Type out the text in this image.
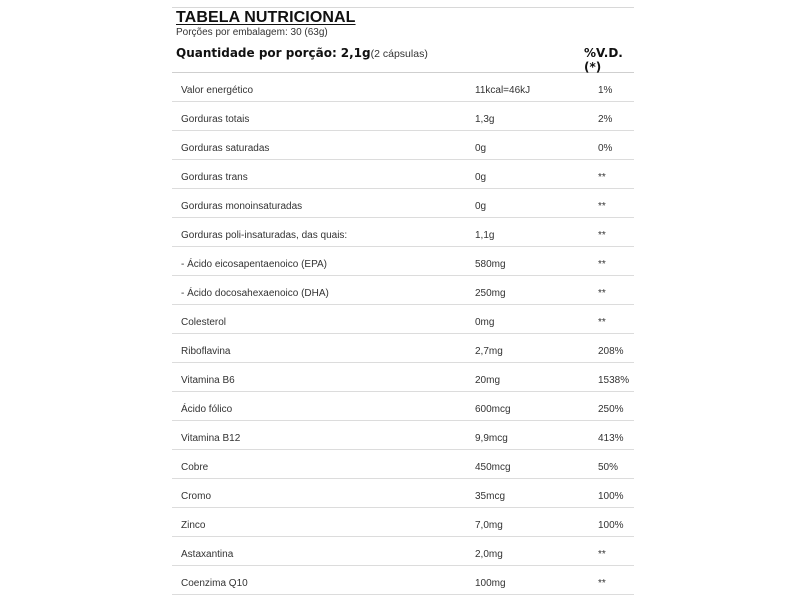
TABELA NUTRICIONAL
Porções por embalagem: 30 (63g)
Quantidade por porção: 2,1g (2 cápsulas)	%V.D.(*)
Valor energético	11kcal=46kJ	1%
Gorduras totais	1,3g	2%
Gorduras saturadas	0g	0%
Gorduras trans	0g	**
Gorduras monoinsaturadas	0g	**
Gorduras poli-insaturadas, das quais:	1,1g	**
- Ácido eicosapentaenoico (EPA)	580mg	**
- Ácido docosahexaenoico (DHA)	250mg	**
Colesterol	0mg	**
Riboflavina	2,7mg	208%
Vitamina B6	20mg	1538%
Ácido fólico	600mcg	250%
Vitamina B12	9,9mcg	413%
Cobre	450mcg	50%
Cromo	35mcg	100%
Zinco	7,0mg	100%
Astaxantina	2,0mg	**
Coenzima Q10	100mg	**
